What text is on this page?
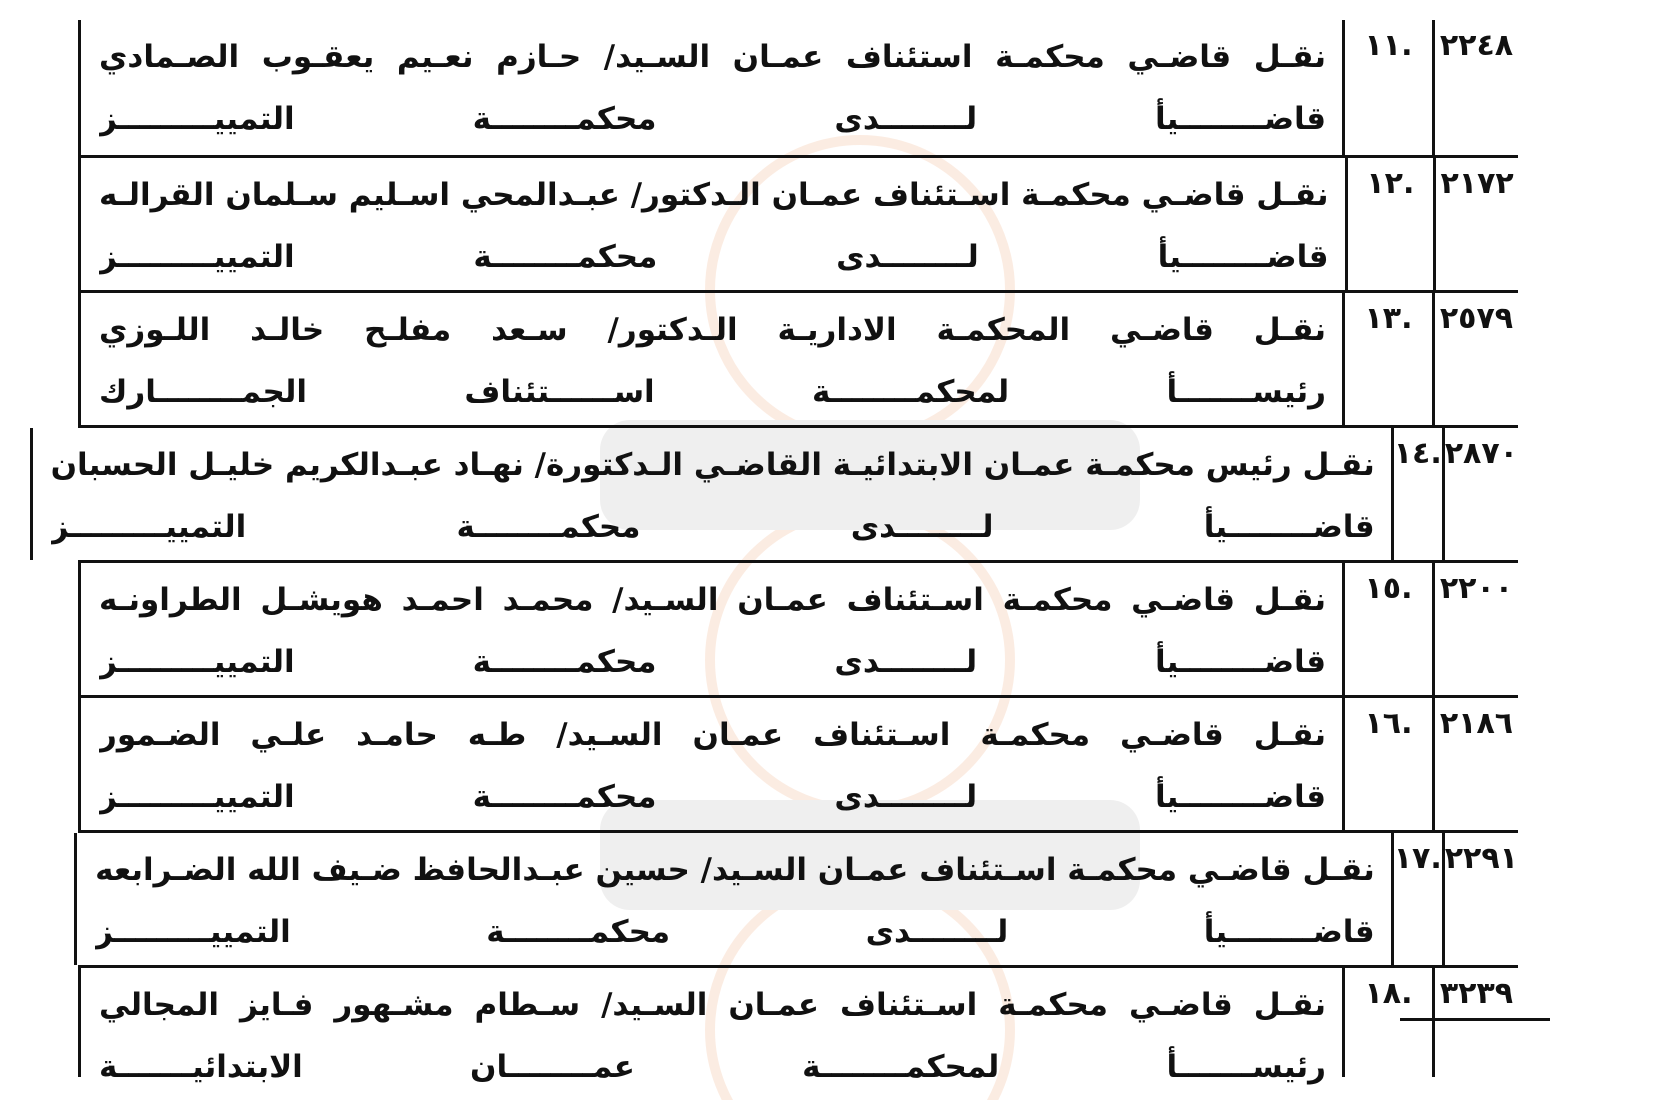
٢٢٤٨
.١١
نقـل قاضـي محكمـة استئناف عمـان السـيد/ حـازم نعـيم يعقـوب الصـمادي
قاضــــــــيأ لــــــــدى محكمــــــــة التمييـــــــــز
٢١٧٢
.١٢
نقـل قاضـي محكمـة اسـتئناف عمـان الـدكتور/ عبـدالمحي اسـليم سـلمان القرالـه
قاضــــــــيأ لــــــــدى محكمــــــــة التمييـــــــــز
٢٥٧٩
.١٣
نقـل قاضـي المحكمـة الاداريـة الـدكتور/ سـعد مفلـح خالـد اللـوزي
رئيســـــــأ لمحكمــــــــة اســــــتئناف الجمــــــــارك
٢٨٧٠
.١٤
نقـل رئيس محكمـة عمـان الابتدائيـة القاضـي الـدكتورة/ نهـاد عبـدالكريم خليـل الحسبان
قاضــــــــيأ لــــــــدى محكمــــــــة التمييـــــــــز
٢٢٠٠
.١٥
نقـل قاضـي محكمـة اسـتئناف عمـان السـيد/ محمـد احمـد هويشـل الطراونـه
قاضــــــــيأ لــــــــدى محكمــــــــة التمييـــــــــز
٢١٨٦
.١٦
نقـل قاضـي محكمـة اسـتئناف عمـان السـيد/ طـه حامـد علـي الضـمور
قاضــــــــيأ لــــــــدى محكمــــــــة التمييـــــــــز
٢٢٩١
.١٧
نقـل قاضـي محكمـة اسـتئناف عمـان السـيد/ حسين عبـدالحافظ ضـيف الله الضـرابعه
قاضــــــــيأ لــــــــدى محكمــــــــة التمييـــــــــز
٣٢٣٩
.١٨
نقـل قاضـي محكمـة اسـتئناف عمـان السـيد/ سـطام مشـهور فـايز المجالي
رئيســـــــأ لمحكمــــــــة عمــــــــان الابتدائيـــــــة
